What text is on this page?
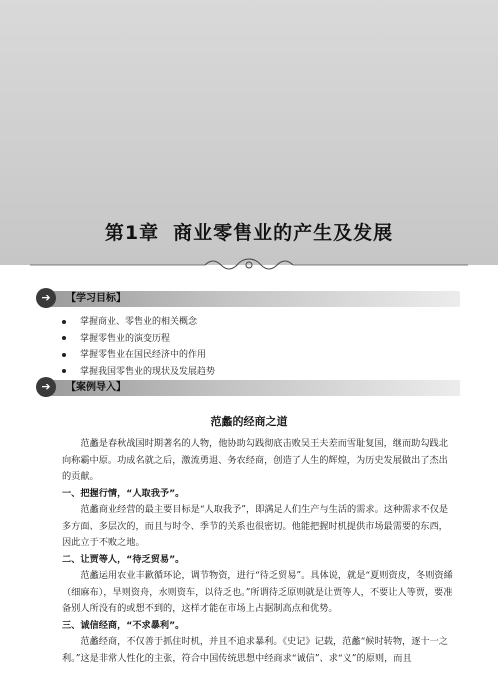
第1章 商业零售业的产生及发展
➔	【学习目标】
掌握商业、零售业的相关概念
掌握零售业的演变历程
掌握零售业在国民经济中的作用
掌握我国零售业的现状及发展趋势
➔	【案例导入】
范蠡的经商之道

范蠡是春秋战国时期著名的人物，他协助勾践彻底击败吴王夫差而雪耻复国，继而助勾践北向称霸中原。功成名就之后，激流勇退、务农经商，创造了人生的辉煌，为历史发展做出了杰出的贡献。

一、把握行情，“人取我予”。

范蠡商业经营的最主要目标是“人取我予”，即满足人们生产与生活的需求。这种需求不仅是多方面、多层次的，而且与时令、季节的关系也很密切。他能把握时机提供市场最需要的东西，因此立于不败之地。

二、让贾等人，“待乏贸易”。

范蠡运用农业丰歉循环论，调节物资，进行“待乏贸易”。具体说，就是“夏则资皮，冬则资絺（细麻布），旱则资舟，水则资车，以待乏也。”所谓待乏原则就是让贾等人，不要让人等贾，要准备别人所没有的或想不到的，这样才能在市场上占据制高点和优势。

三、诚信经商，“不求暴利”。

范蠡经商，不仅善于抓住时机，并且不追求暴利。《史记》记载，范蠡“候时转物，逐十一之利。”这是非常人性化的主张，符合中国传统思想中经商求“诚信”、求“义”的原则，而且
